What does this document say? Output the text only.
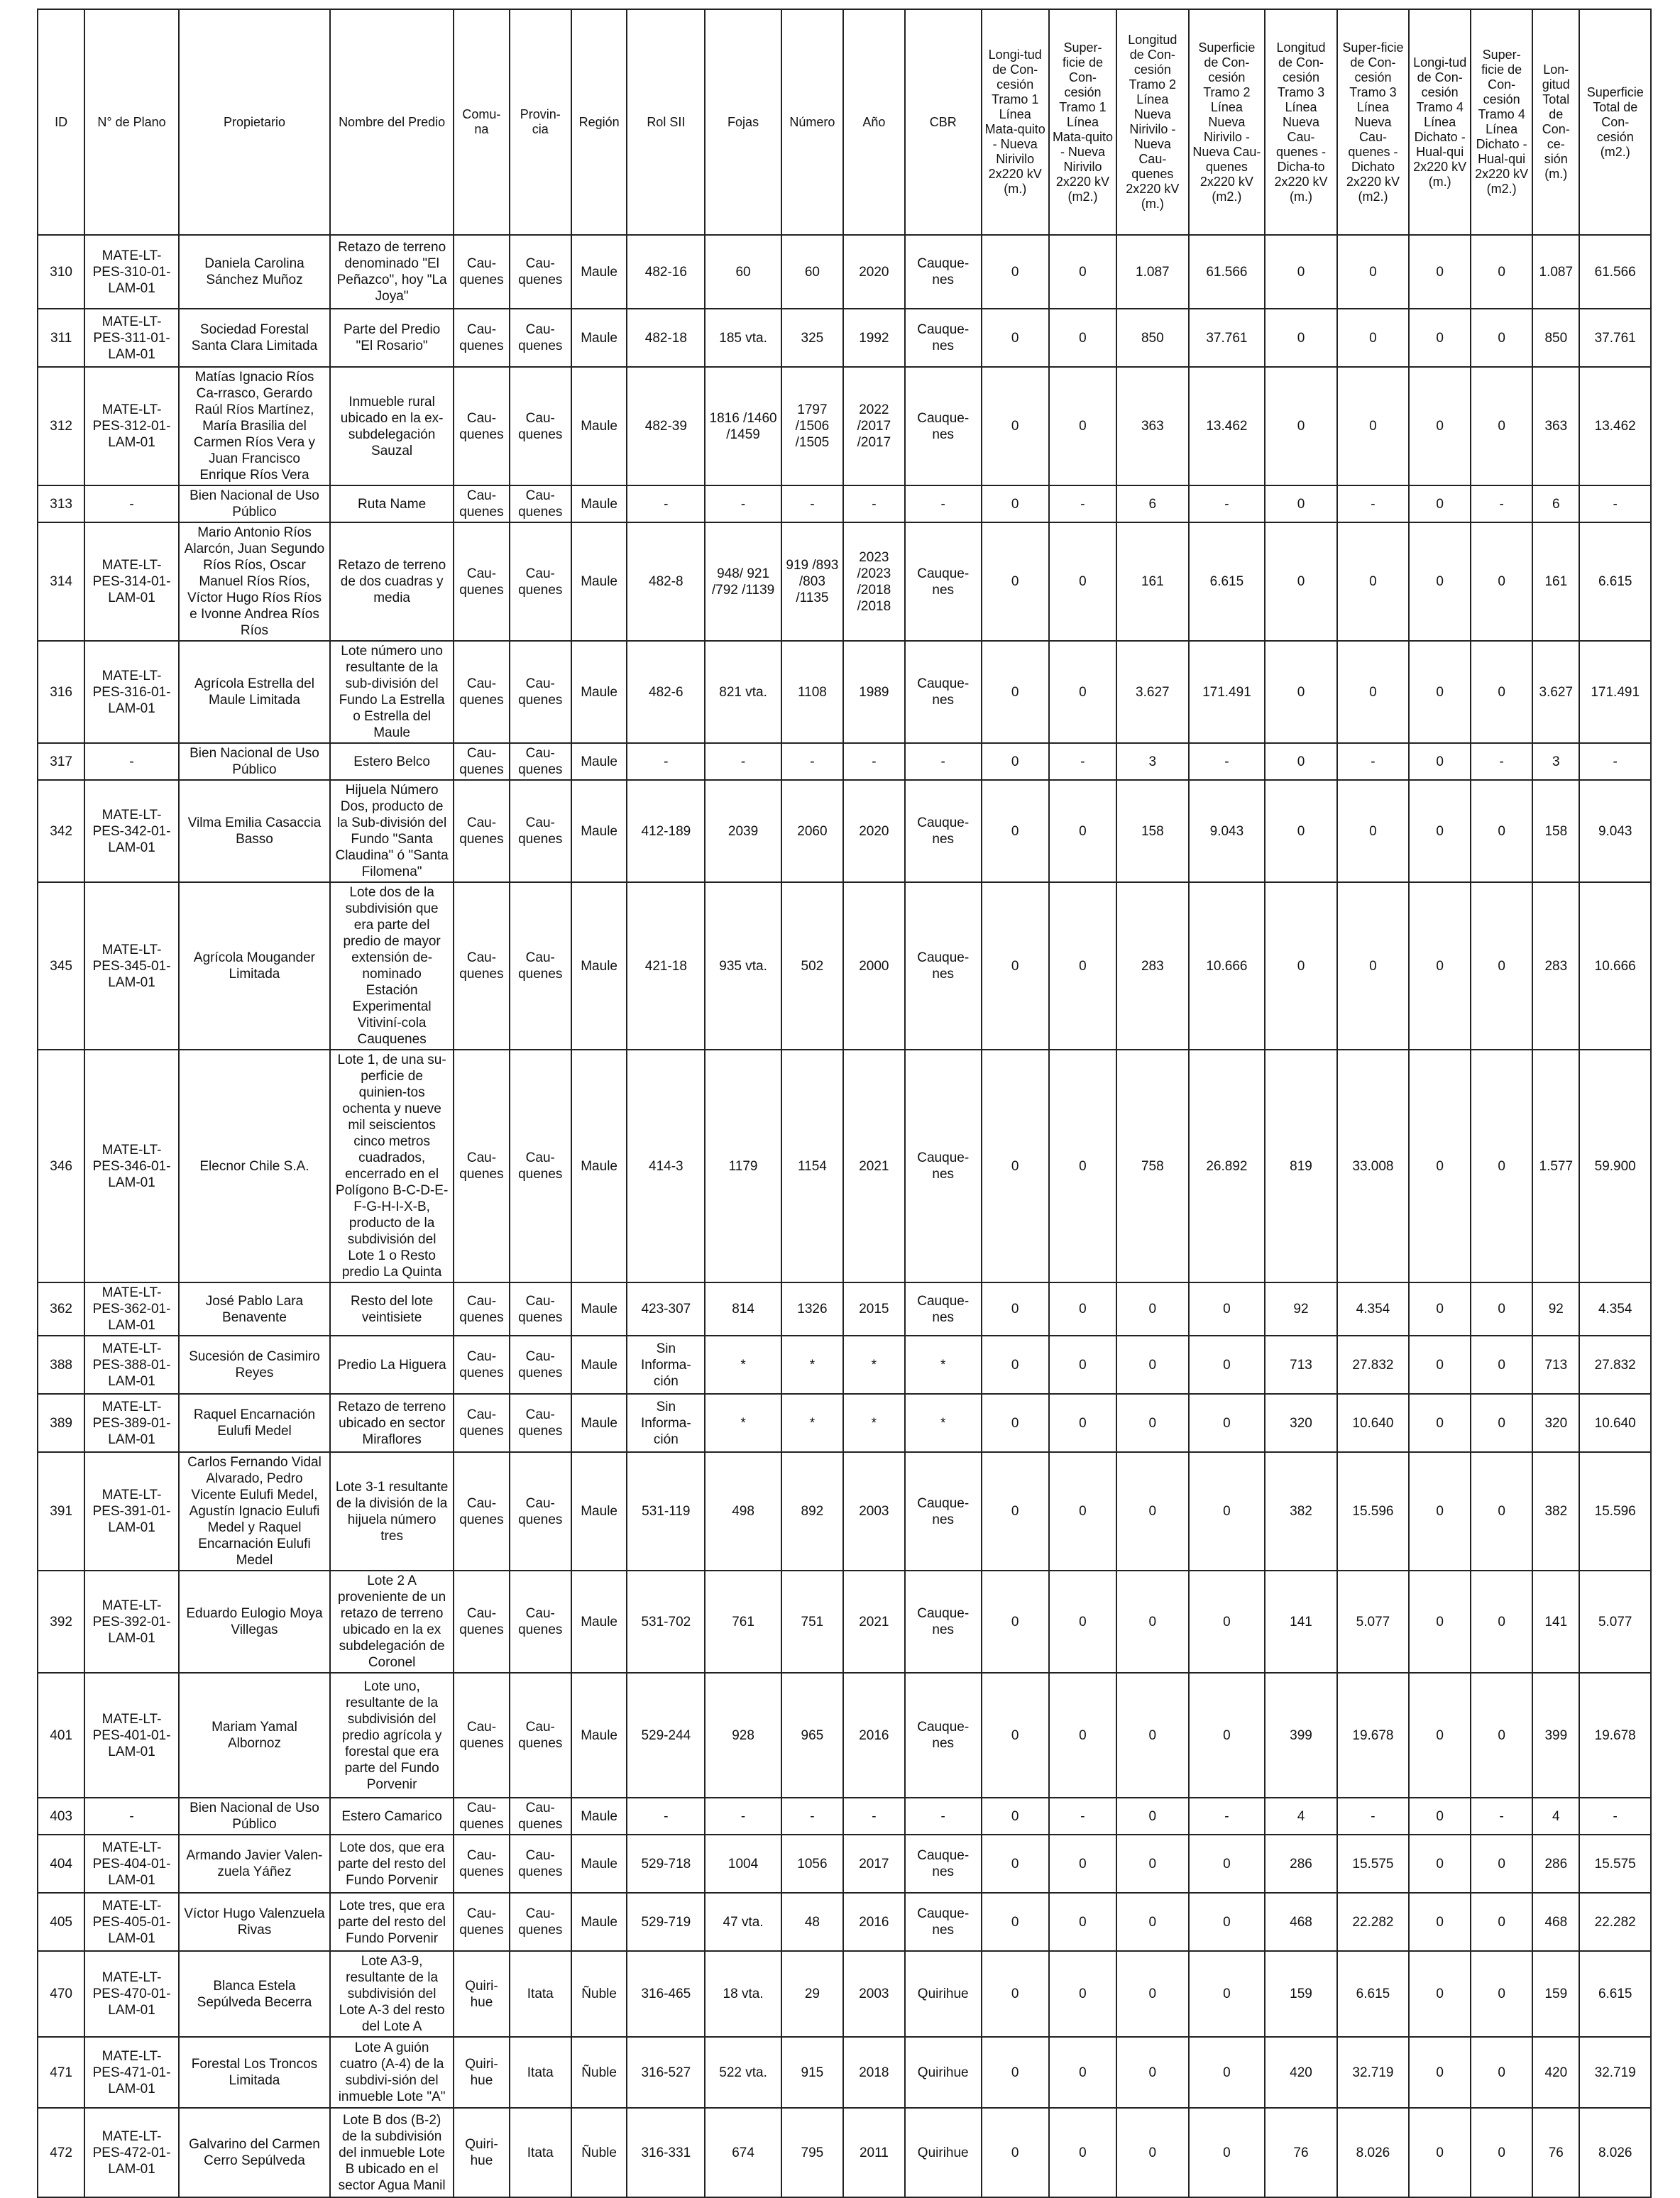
ID	N° de Plano	Propietario	Nombre del Predio	Comu-na	Provin-cia	Región	Rol SII	Fojas	Número	Año	CBR	Longi-tud de Con-cesión Tramo 1 Línea Mata-quito - Nueva Nirivilo 2x220 kV (m.)	Super-ficie de Con-cesión Tramo 1 Línea Mata-quito - Nueva Nirivilo 2x220 kV (m2.)	Longitud de Con-cesión Tramo 2 Línea Nueva Nirivilo - Nueva Cau-quenes 2x220 kV (m.)	Superficie de Con-cesión Tramo 2 Línea Nueva Nirivilo - Nueva Cau-quenes 2x220 kV (m2.)	Longitud de Con-cesión Tramo 3 Línea Nueva Cau-quenes - Dicha-to 2x220 kV (m.)	Super-ficie de Con-cesión Tramo 3 Línea Nueva Cau-quenes - Dichato 2x220 kV (m2.)	Longi-tud de Con-cesión Tramo 4 Línea Dichato - Hual-qui 2x220 kV (m.)	Super-ficie de Con-cesión Tramo 4 Línea Dichato - Hual-qui 2x220 kV (m2.)	Lon-gitud Total de Con-ce-sión (m.)	Superficie Total de Con-cesión (m2.)
310	MATE-LT-PES-310-01-LAM-01	Daniela Carolina Sánchez Muñoz	Retazo de terreno denominado "El Peñazco", hoy "La Joya"	Cau-quenes	Cau-quenes	Maule	482-16	60	60	2020	Cauque-nes	0	0	1.087	61.566	0	0	0	0	1.087	61.566
311	MATE-LT-PES-311-01-LAM-01	Sociedad Forestal Santa Clara Limitada	Parte del Predio "El Rosario"	Cau-quenes	Cau-quenes	Maule	482-18	185 vta.	325	1992	Cauque-nes	0	0	850	37.761	0	0	0	0	850	37.761
312	MATE-LT-PES-312-01-LAM-01	Matías Ignacio Ríos Ca-rrasco, Gerardo Raúl Ríos Martínez, María Brasilia del Carmen Ríos Vera y Juan Francisco Enrique Ríos Vera	Inmueble rural ubicado en la ex-subdelegación Sauzal	Cau-quenes	Cau-quenes	Maule	482-39	1816 /1460 /1459	1797 /1506 /1505	2022 /2017 /2017	Cauque-nes	0	0	363	13.462	0	0	0	0	363	13.462
313	-	Bien Nacional de Uso Público	Ruta Name	Cau-quenes	Cau-quenes	Maule	-	-	-	-	-	0	-	6	-	0	-	0	-	6	-
314	MATE-LT-PES-314-01-LAM-01	Mario Antonio Ríos Alarcón, Juan Segundo Ríos Ríos, Oscar Manuel Ríos Ríos, Víctor Hugo Ríos Ríos e Ivonne Andrea Ríos Ríos	Retazo de terreno de dos cuadras y media	Cau-quenes	Cau-quenes	Maule	482-8	948/ 921 /792 /1139	919 /893 /803 /1135	2023 /2023 /2018 /2018	Cauque-nes	0	0	161	6.615	0	0	0	0	161	6.615
316	MATE-LT-PES-316-01-LAM-01	Agrícola Estrella del Maule Limitada	Lote número uno resultante de la sub-división del Fundo La Estrella o Estrella del Maule	Cau-quenes	Cau-quenes	Maule	482-6	821 vta.	1108	1989	Cauque-nes	0	0	3.627	171.491	0	0	0	0	3.627	171.491
317	-	Bien Nacional de Uso Público	Estero Belco	Cau-quenes	Cau-quenes	Maule	-	-	-	-	-	0	-	3	-	0	-	0	-	3	-
342	MATE-LT-PES-342-01-LAM-01	Vilma Emilia Casaccia Basso	Hijuela Número Dos, producto de la Sub-división del Fundo "Santa Claudina" ó "Santa Filomena"	Cau-quenes	Cau-quenes	Maule	412-189	2039	2060	2020	Cauque-nes	0	0	158	9.043	0	0	0	0	158	9.043
345	MATE-LT-PES-345-01-LAM-01	Agrícola Mougander Limitada	Lote dos de la subdivisión que era parte del predio de mayor extensión de-nominado Estación Experimental Vitiviní-cola Cauquenes	Cau-quenes	Cau-quenes	Maule	421-18	935 vta.	502	2000	Cauque-nes	0	0	283	10.666	0	0	0	0	283	10.666
346	MATE-LT-PES-346-01-LAM-01	Elecnor Chile S.A.	Lote 1, de una su-perficie de quinien-tos ochenta y nueve mil seiscientos cinco metros cuadrados, encerrado en el Polígono B-C-D-E-F-G-H-I-X-B, producto de la subdivisión del Lote 1 o Resto predio La Quinta	Cau-quenes	Cau-quenes	Maule	414-3	1179	1154	2021	Cauque-nes	0	0	758	26.892	819	33.008	0	0	1.577	59.900
362	MATE-LT-PES-362-01-LAM-01	José Pablo Lara Benavente	Resto del lote veintisiete	Cau-quenes	Cau-quenes	Maule	423-307	814	1326	2015	Cauque-nes	0	0	0	0	92	4.354	0	0	92	4.354
388	MATE-LT-PES-388-01-LAM-01	Sucesión de Casimiro Reyes	Predio La Higuera	Cau-quenes	Cau-quenes	Maule	Sin Informa-ción	*	*	*	*	0	0	0	0	713	27.832	0	0	713	27.832
389	MATE-LT-PES-389-01-LAM-01	Raquel Encarnación Eulufi Medel	Retazo de terreno ubicado en sector Miraflores	Cau-quenes	Cau-quenes	Maule	Sin Informa-ción	*	*	*	*	0	0	0	0	320	10.640	0	0	320	10.640
391	MATE-LT-PES-391-01-LAM-01	Carlos Fernando Vidal Alvarado, Pedro Vicente Eulufi Medel, Agustín Ignacio Eulufi Medel y Raquel Encarnación Eulufi Medel	Lote 3-1 resultante de la división de la hijuela número tres	Cau-quenes	Cau-quenes	Maule	531-119	498	892	2003	Cauque-nes	0	0	0	0	382	15.596	0	0	382	15.596
392	MATE-LT-PES-392-01-LAM-01	Eduardo Eulogio Moya Villegas	Lote 2 A proveniente de un retazo de terreno ubicado en la ex subdelegación de Coronel	Cau-quenes	Cau-quenes	Maule	531-702	761	751	2021	Cauque-nes	0	0	0	0	141	5.077	0	0	141	5.077
401	MATE-LT-PES-401-01-LAM-01	Mariam Yamal Albornoz	Lote uno, resultante de la subdivisión del predio agrícola y forestal que era parte del Fundo Porvenir	Cau-quenes	Cau-quenes	Maule	529-244	928	965	2016	Cauque-nes	0	0	0	0	399	19.678	0	0	399	19.678
403	-	Bien Nacional de Uso Público	Estero Camarico	Cau-quenes	Cau-quenes	Maule	-	-	-	-	-	0	-	0	-	4	-	0	-	4	-
404	MATE-LT-PES-404-01-LAM-01	Armando Javier Valen-zuela Yáñez	Lote dos, que era parte del resto del Fundo Porvenir	Cau-quenes	Cau-quenes	Maule	529-718	1004	1056	2017	Cauque-nes	0	0	0	0	286	15.575	0	0	286	15.575
405	MATE-LT-PES-405-01-LAM-01	Víctor Hugo Valenzuela Rivas	Lote tres, que era parte del resto del Fundo Porvenir	Cau-quenes	Cau-quenes	Maule	529-719	47 vta.	48	2016	Cauque-nes	0	0	0	0	468	22.282	0	0	468	22.282
470	MATE-LT-PES-470-01-LAM-01	Blanca Estela Sepúlveda Becerra	Lote A3-9, resultante de la subdivisión del Lote A-3 del resto del Lote A	Quiri-hue	Itata	Ñuble	316-465	18 vta.	29	2003	Quirihue	0	0	0	0	159	6.615	0	0	159	6.615
471	MATE-LT-PES-471-01-LAM-01	Forestal Los Troncos Limitada	Lote A guión cuatro (A-4) de la subdivi-sión del inmueble Lote "A"	Quiri-hue	Itata	Ñuble	316-527	522 vta.	915	2018	Quirihue	0	0	0	0	420	32.719	0	0	420	32.719
472	MATE-LT-PES-472-01-LAM-01	Galvarino del Carmen Cerro Sepúlveda	Lote B dos (B-2) de la subdivisión del inmueble Lote B ubicado en el sector Agua Manil	Quiri-hue	Itata	Ñuble	316-331	674	795	2011	Quirihue	0	0	0	0	76	8.026	0	0	76	8.026
